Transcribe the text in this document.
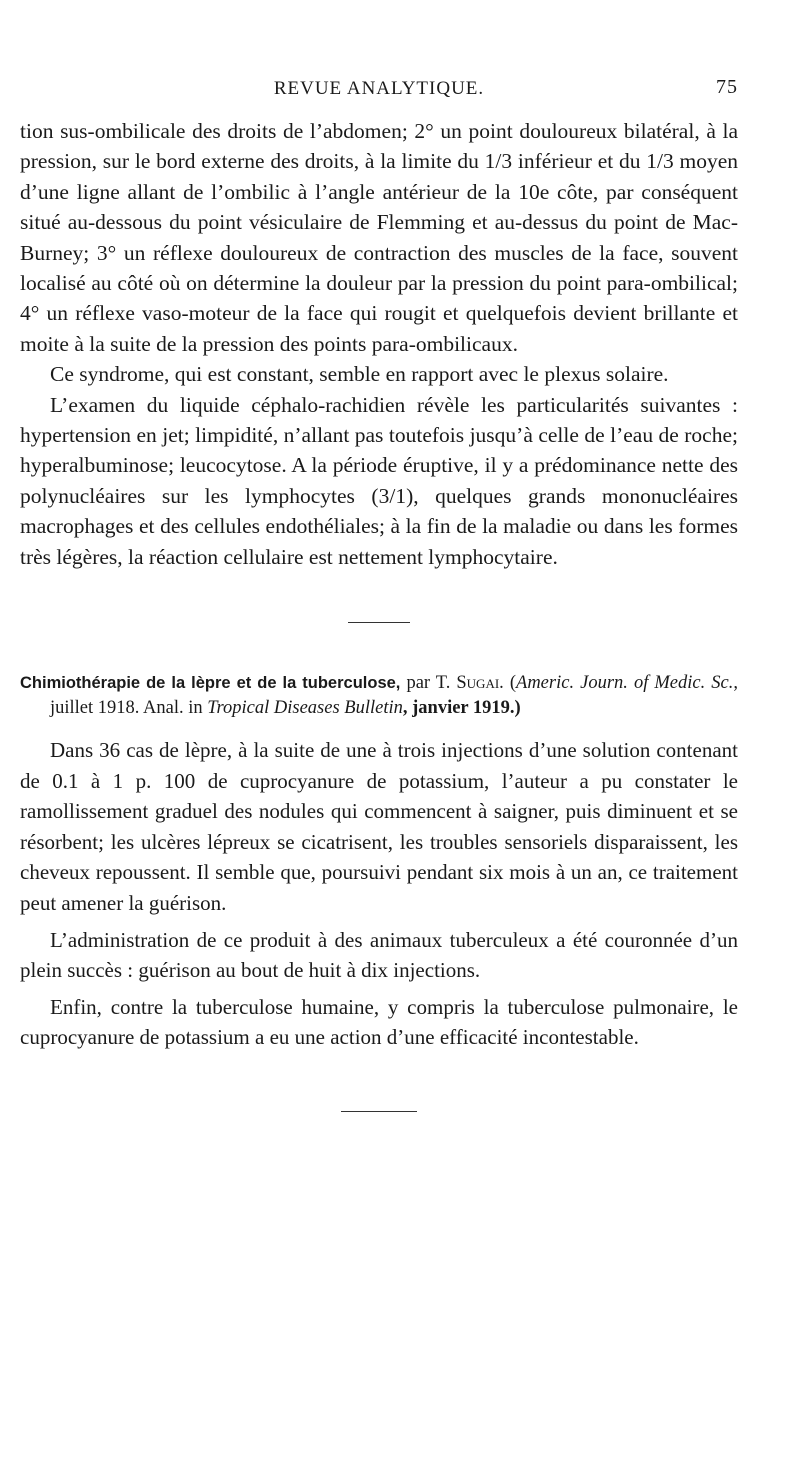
REVUE ANALYTIQUE.	75

tion sus-ombilicale des droits de l’abdomen; 2° un point douloureux bilatéral, à la pression, sur le bord externe des droits, à la limite du 1/3 inférieur et du 1/3 moyen d’une ligne allant de l’ombilic à l’angle antérieur de la 10e côte, par conséquent situé au-dessous du point vésiculaire de Flemming et au-dessus du point de Mac-Burney; 3° un réflexe douloureux de contraction des muscles de la face, souvent localisé au côté où on détermine la douleur par la pression du point para-ombilical; 4° un réflexe vaso-moteur de la face qui rougit et quelquefois devient brillante et moite à la suite de la pression des points para-ombilicaux.

Ce syndrome, qui est constant, semble en rapport avec le plexus solaire.

L’examen du liquide céphalo-rachidien révèle les particularités suivantes : hypertension en jet; limpidité, n’allant pas toutefois jusqu’à celle de l’eau de roche; hyperalbuminose; leucocytose. A la période éruptive, il y a prédominance nette des polynucléaires sur les lymphocytes (3/1), quelques grands mononucléaires macrophages et des cellules endothéliales; à la fin de la maladie ou dans les formes très légères, la réaction cellulaire est nettement lymphocytaire.

Chimiothérapie de la lèpre et de la tuberculose, par T. Sugai. (Americ. Journ. of Medic. Sc., juillet 1918. Anal. in Tropical Diseases Bulletin, janvier 1919.)

Dans 36 cas de lèpre, à la suite de une à trois injections d’une solution contenant de 0.1 à 1 p. 100 de cuprocyanure de potassium, l’auteur a pu constater le ramollissement graduel des nodules qui commencent à saigner, puis diminuent et se résorbent; les ulcères lépreux se cicatrisent, les troubles sensoriels disparaissent, les cheveux repoussent. Il semble que, poursuivi pendant six mois à un an, ce traitement peut amener la guérison.

L’administration de ce produit à des animaux tuberculeux a été couronnée d’un plein succès : guérison au bout de huit à dix injections.

Enfin, contre la tuberculose humaine, y compris la tuberculose pulmonaire, le cuprocyanure de potassium a eu une action d’une efficacité incontestable.
